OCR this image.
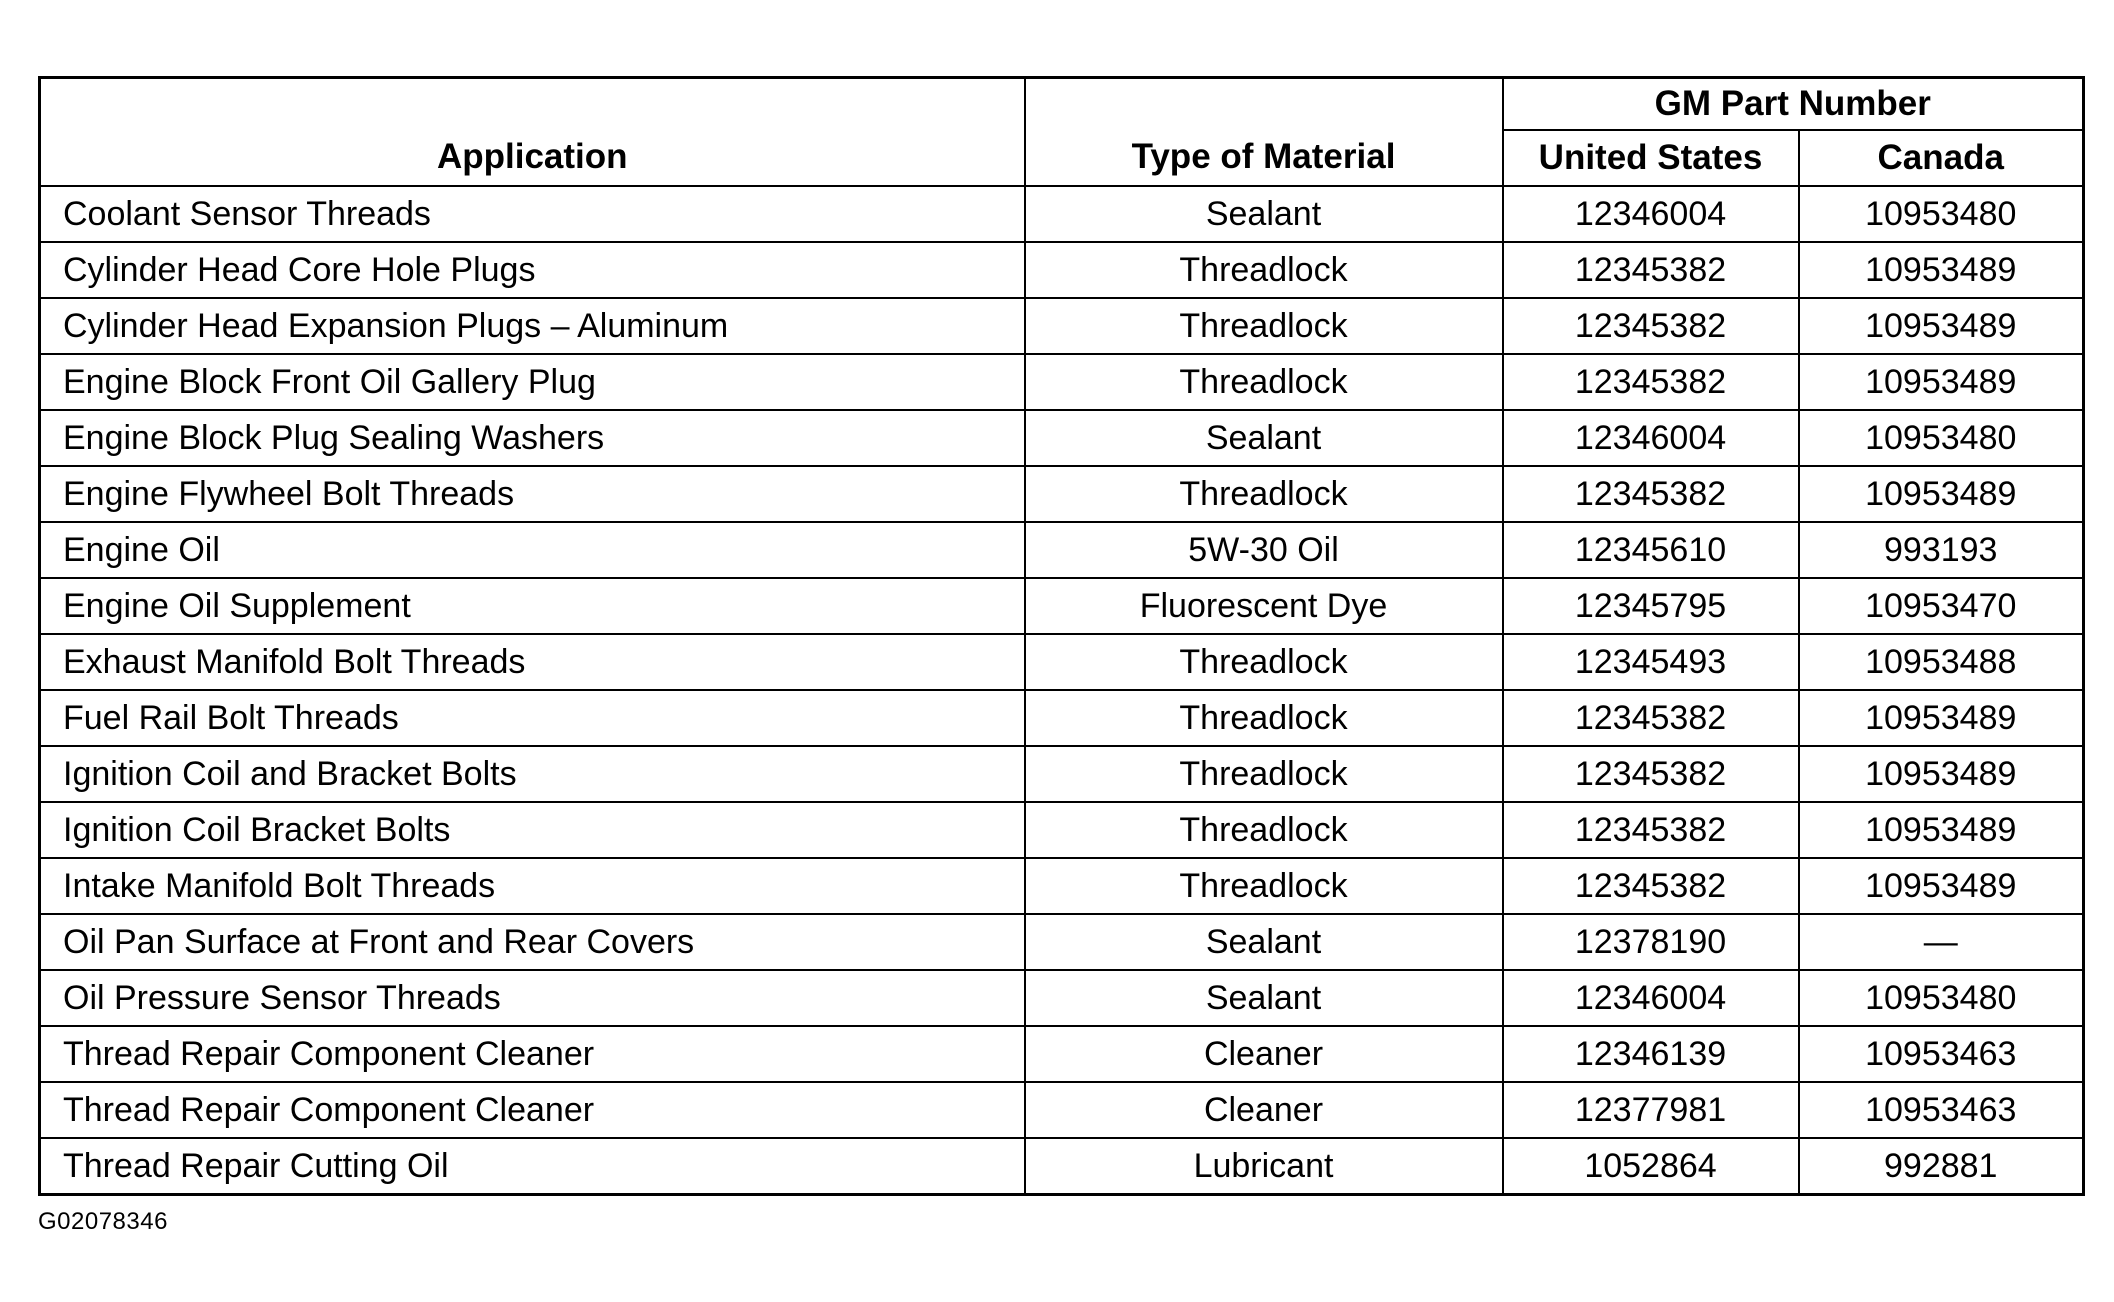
Application	Type of Material	GM Part Number	
		United States	Canada
Coolant Sensor Threads	Sealant	12346004	10953480
Cylinder Head Core Hole Plugs	Threadlock	12345382	10953489
Cylinder Head Expansion Plugs – Aluminum	Threadlock	12345382	10953489
Engine Block Front Oil Gallery Plug	Threadlock	12345382	10953489
Engine Block Plug Sealing Washers	Sealant	12346004	10953480
Engine Flywheel Bolt Threads	Threadlock	12345382	10953489
Engine Oil	5W-30 Oil	12345610	993193
Engine Oil Supplement	Fluorescent Dye	12345795	10953470
Exhaust Manifold Bolt Threads	Threadlock	12345493	10953488
Fuel Rail Bolt Threads	Threadlock	12345382	10953489
Ignition Coil and Bracket Bolts	Threadlock	12345382	10953489
Ignition Coil Bracket Bolts	Threadlock	12345382	10953489
Intake Manifold Bolt Threads	Threadlock	12345382	10953489
Oil Pan Surface at Front and Rear Covers	Sealant	12378190	—
Oil Pressure Sensor Threads	Sealant	12346004	10953480
Thread Repair Component Cleaner	Cleaner	12346139	10953463
Thread Repair Component Cleaner	Cleaner	12377981	10953463
Thread Repair Cutting Oil	Lubricant	1052864	992881
G02078346
